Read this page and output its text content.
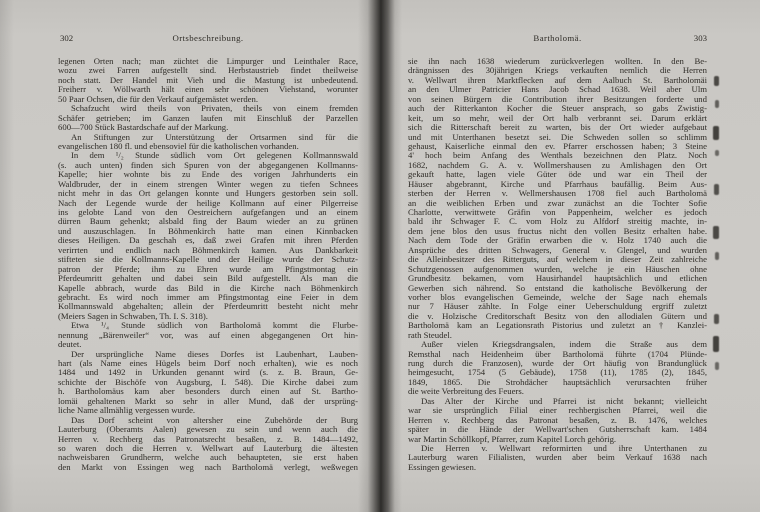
302	Ortsbeschreibung.
legenen Orten nach; man züchtet die Limpurger und Leinthaler Race,
wozu zwei Farren aufgestellt sind. Herbstaustrieb findet theilweise
noch statt. Der Handel mit Vieh und die Mastung ist unbedeutend.
Freiherr v. Wöllwarth hält einen sehr schönen Viehstand, worunter
50 Paar Ochsen, die für den Verkauf aufgemästet werden.
Schafzucht wird theils von Privaten, theils von einem fremden
Schäfer getrieben; im Ganzen laufen mit Einschluß der Parzellen
600—700 Stück Bastardschafe auf der Markung.
An Stiftungen zur Unterstützung der Ortsarmen sind für die
evangelischen 180 fl. und ebensoviel für die katholischen vorhanden.
In dem ¹/₂ Stunde südlich vom Ort gelegenen Kollmannswald
(s. auch unten) finden sich Spuren von der abgegangenen Kollmanns-
Kapelle; hier wohnte bis zu Ende des vorigen Jahrhunderts ein
Waldbruder, der in einem strengen Winter wegen zu tiefen Schnees
nicht mehr in das Ort gelangen konnte und Hungers gestorben sein soll.
Nach der Legende wurde der heilige Kollmann auf einer Pilgerreise
ins gelobte Land von den Oestreichern aufgefangen und an einem
dürren Baum gehenkt; alsbald fing der Baum wieder an zu grünen
und auszuschlagen. In Böhmenkirch hatte man einen Kinnbacken
dieses Heiligen. Da geschah es, daß zwei Grafen mit ihren Pferden
verirrten und endlich nach Böhmenkirch kamen. Aus Dankbarkeit
stifteten sie die Kollmanns-Kapelle und der Heilige wurde der Schutz-
patron der Pferde; ihm zu Ehren wurde am Pfingstmontag ein
Pferdeumritt gehalten und dabei sein Bild aufgestellt. Als man die
Kapelle abbrach, wurde das Bild in die Kirche nach Böhmenkirch
gebracht. Es wird noch immer am Pfingstmontag eine Feier in dem
Kollmannswald abgehalten; allein der Pferdeumritt besteht nicht mehr
(Meiers Sagen in Schwaben, Th. I. S. 318).
Etwa ¹/₄ Stunde südlich von Bartholomä kommt die Flurbe-
nennung „Bärenweiler“ vor, was auf einen abgegangenen Ort hin-
deutet.
Der ursprüngliche Name dieses Dorfes ist Laubenhart, Lauben-
hart (als Name eines Hügels beim Dorf noch erhalten), wie es noch
1484 und 1492 in Urkunden genannt wird (s. z. B. Braun, Ge-
schichte der Bischöfe von Augsburg, I. 548). Die Kirche dabei zum
h. Bartholomäus kam aber besonders durch einen auf St. Bartho-
lomäi gehaltenen Markt so sehr in aller Mund, daß der ursprüng-
liche Name allmählig vergessen wurde.
Das Dorf scheint von altersher eine Zubehörde der Burg
Lauterburg (Oberamts Aalen) gewesen zu sein und wenn auch die
Herren v. Rechberg das Patronatsrecht besaßen, z. B. 1484—1492,
so waren doch die Herren v. Wellwart auf Lauterburg die ältesten
nachweisbaren Grundherrn, welche auch behaupteten, sie erst haben
den Markt von Essingen weg nach Bartholomä verlegt, weßwegen
Bartholomä.	303
sie ihn nach 1638 wiederum zurückverlegen wollten. In den Be-
drängnissen des 30jährigen Kriegs verkauften nemlich die Herren
v. Wellwart ihren Marktflecken auf dem Aalbuch St. Bartholomäi
an den Ulmer Patricier Hans Jacob Schad 1638. Weil aber Ulm
von seinen Bürgern die Contribution ihrer Besitzungen forderte und
auch der Ritterkanton Kocher die Steuer ansprach, so gabs Zwistig-
keit, um so mehr, weil der Ort halb verbrannt sei. Darum erklärt
sich die Ritterschaft bereit zu warten, bis der Ort wieder aufgebaut
und mit Unterthanen besetzt sei. Die Schweden sollen so schlimm
gehaust, Kaiserliche einmal den ev. Pfarrer erschossen haben; 3 Steine
4' hoch beim Anfang des Wenthals bezeichnen den Platz. Noch
1682, nachdem G. A. v. Wollmershausen zu Amlishagen den Ort
gekauft hatte, lagen viele Güter öde und war ein Theil der
Häuser abgebrannt, Kirche und Pfarrhaus baufällig. Beim Aus-
sterben der Herren v. Wellmershausen 1708 fiel auch Bartholomä
an die weiblichen Erben und zwar zunächst an die Tochter Sofie
Charlotte, verwittwete Gräfin von Pappenheim, welcher es jedoch
bald ihr Schwager F. C. vom Holz zu Alfdorf streitig machte, in-
dem jene blos den usus fructus nicht den vollen Besitz erhalten habe.
Nach dem Tode der Gräfin erwarben die v. Holz 1740 auch die
Ansprüche des dritten Schwagers, General v. Glengel, und wurden
die Alleinbesitzer des Ritterguts, auf welchem in dieser Zeit zahlreiche
Schutzgenossen aufgenommen wurden, welche je ein Häuschen ohne
Grundbesitz bekamen, vom Hausirhandel hauptsächlich und etlichen
Gewerben sich nährend. So entstand die katholische Bevölkerung der
vorher blos evangelischen Gemeinde, welche der Sage nach ehemals
nur 7 Häuser zählte. In Folge einer Ueberschuldung ergriff zuletzt
die v. Holzische Creditorschaft Besitz von den allodialen Gütern und
Bartholomä kam an Legationsrath Pistorius und zuletzt an † Kanzlei-
rath Steudel.
Außer vielen Kriegsdrangsalen, indem die Straße aus dem
Remsthal nach Heidenheim über Bartholomä führte (1704 Plünde-
rung durch die Franzosen), wurde der Ort häufig von Brandunglück
heimgesucht, 1754 (5 Gebäude), 1758 (11), 1785 (2), 1845,
1849, 1865. Die Strohdächer hauptsächlich verursachten früher
die weite Verbreitung des Feuers.
Das Alter der Kirche und Pfarrei ist nicht bekannt; vielleicht
war sie ursprünglich Filial einer rechbergischen Pfarrei, weil die
Herren v. Rechberg das Patronat besaßen, z. B. 1476, welches
später in die Hände der Wellwart'schen Gutsherrschaft kam. 1484
war Martin Schöllkopf, Pfarrer, zum Kapitel Lorch gehörig.
Die Herren v. Wellwart reformirten und ihre Unterthanen zu
Lauterburg waren Filialisten, wurden aber beim Verkauf 1638 nach
Essingen gewiesen.
